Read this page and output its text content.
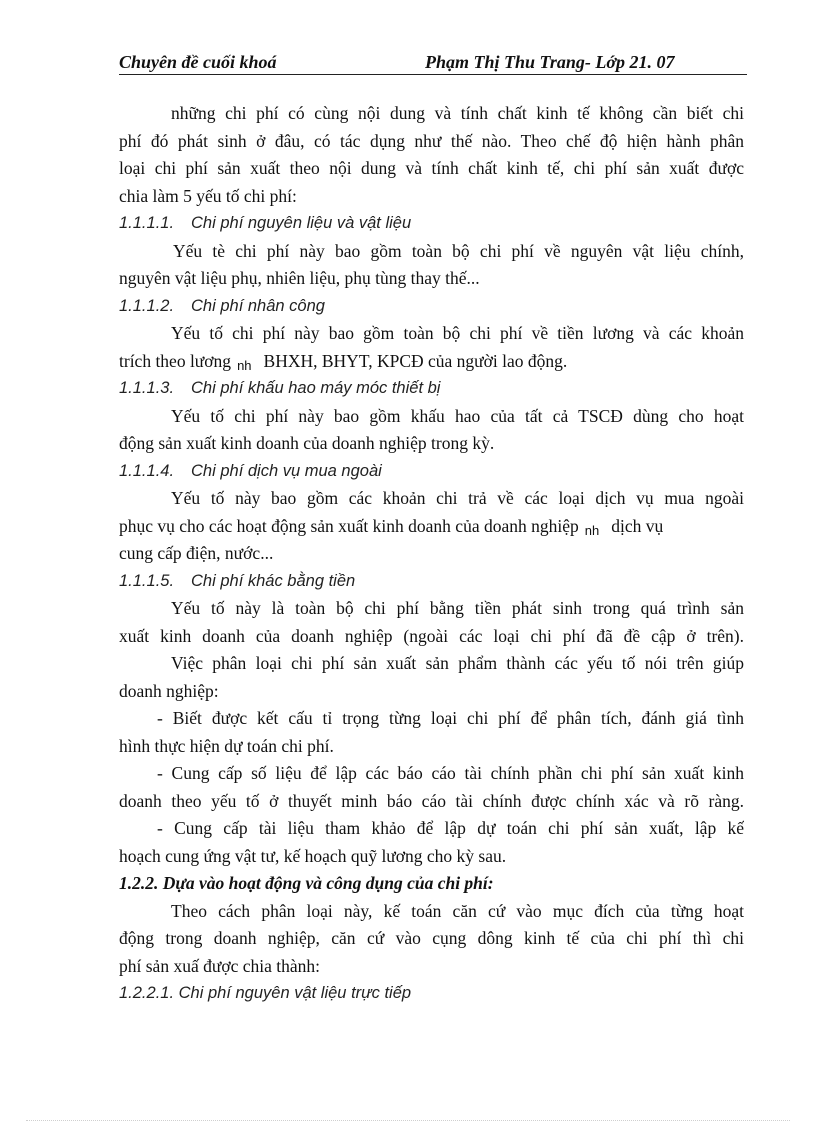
Chuyên đề cuối khoá	Phạm Thị Thu Trang- Lớp 21. 07
những chi phí có cùng nội dung và tính chất kinh tế không cần biết chi
phí đó phát sinh ở đâu, có tác dụng như thế nào. Theo chế độ hiện hành phân
loại chi phí sản xuất theo nội dung và tính chất kinh tế, chi phí sản xuất được
chia làm 5 yếu tố chi phí:
1.1.1.1. Chi phí nguyên liệu và vật liệu
Yếu tè chi phí này bao gồm toàn bộ chi phí về nguyên vật liệu chính,
nguyên vật liệu phụ, nhiên liệu, phụ tùng thay thế...
1.1.1.2. Chi phí nhân công
Yếu tố chi phí này bao gồm toàn bộ chi phí về tiền lương và các khoản
trích theo lương nh BHXH, BHYT, KPCĐ của người lao động.
1.1.1.3. Chi phí khấu hao máy móc thiết bị
Yếu tố chi phí này bao gồm khấu hao của tất cả TSCĐ dùng cho hoạt
động sản xuất kinh doanh của doanh nghiệp trong kỳ.
1.1.1.4. Chi phí dịch vụ mua ngoài
Yếu tố này bao gồm các khoản chi trả về các loại dịch vụ mua ngoài
phục vụ cho các hoạt động sản xuất kinh doanh của doanh nghiệp nh dịch vụ
cung cấp điện, nước...
1.1.1.5. Chi phí khác bằng tiền
Yếu tố này là toàn bộ chi phí bằng tiền phát sinh trong quá trình sản
xuất kinh doanh của doanh nghiệp (ngoài các loại chi phí đã đề cập ở trên).
Việc phân loại chi phí sản xuất sản phẩm thành các yếu tố nói trên giúp
doanh nghiệp:
- Biết được kết cấu tỉ trọng từng loại chi phí để phân tích, đánh giá tình
hình thực hiện dự toán chi phí.
- Cung cấp số liệu để lập các báo cáo tài chính phần chi phí sản xuất kinh
doanh theo yếu tố ở thuyết minh báo cáo tài chính được chính xác và rõ ràng.
- Cung cấp tài liệu tham khảo để lập dự toán chi phí sản xuất, lập kế
hoạch cung ứng vật tư, kế hoạch quỹ lương cho kỳ sau.
1.2.2. Dựa vào hoạt động và công dụng của chi phí:
Theo cách phân loại này, kế toán căn cứ vào mục đích của từng hoạt
động trong doanh nghiệp, căn cứ vào cụng dông kinh tế của chi phí thì chi
phí sản xuấ được chia thành:
1.2.2.1. Chi phí nguyên vật liệu trực tiếp
